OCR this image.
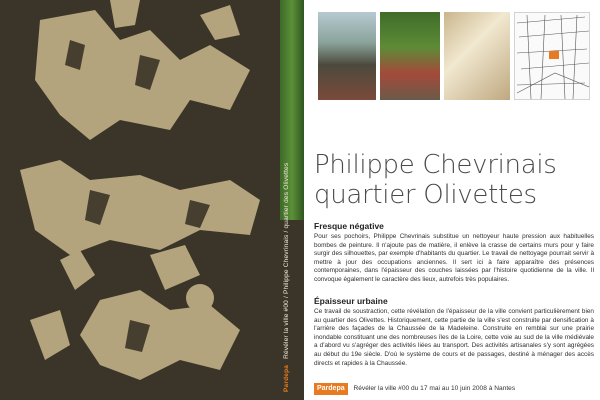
Pardepa Révéler la ville #00 / Philippe Chevrinais / quartier des Olivettes Philippe Chevrinais
quartier Olivettes
Fresque négative
Pour ses pochoirs, Philippe Chevrinais substitue un nettoyeur haute pression aux habituelles bombes de peinture. Il n'ajoute pas de matière, il enlève la crasse de certains murs pour y faire surgir des silhouettes, par exemple d'habitants du quartier. Le travail de nettoyage pourrait servir à mettre à jour des occupations anciennes. Il sert ici à faire apparaître des présences contemporaines, dans l'épaisseur des couches laissées par l'histoire quotidienne de la ville. Il convoque également le caractère des lieux, autrefois très populaires.
Épaisseur urbaine
Ce travail de soustraction, cette révélation de l'épaisseur de la ville convient particulièrement bien au quartier des Olivettes. Historiquement, cette partie de la ville s'est construite par densification à l'arrière des façades de la Chaussée de la Madeleine. Construite en remblai sur une prairie inondable constituant une des nombreuses îles de la Loire, cette voie au sud de la ville médiévale a d'abord vu s'agréger des activités liées au transport. Des activités artisanales s'y sont agrégées au début du 19e siècle. D'où le système de cours et de passages, destiné à ménager des accès directs et rapides à la Chaussée.
Pardepa Révéler la ville #00 du 17 mai au 10 juin 2008 à Nantes
